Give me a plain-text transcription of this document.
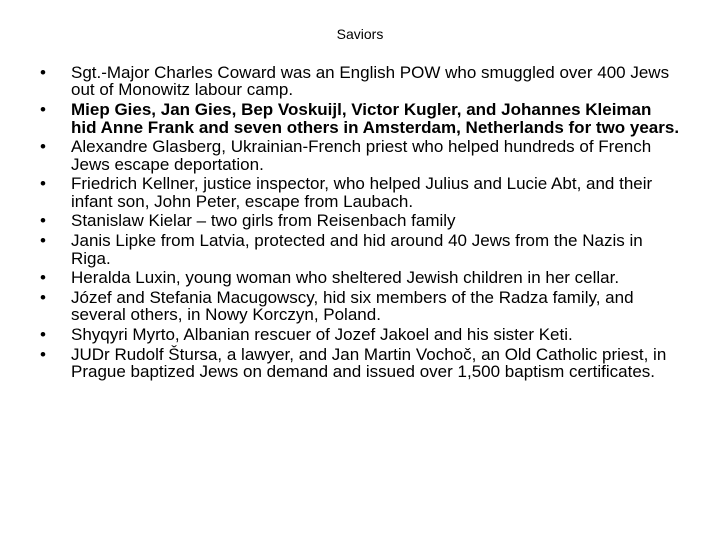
Saviors
•	Sgt.-Major Charles Coward was an English POW who smuggled over 400 Jews out of Monowitz labour camp.
•	Miep Gies, Jan Gies, Bep Voskuijl, Victor Kugler, and Johannes Kleiman hid Anne Frank and seven others in Amsterdam, Netherlands for two years.
•	Alexandre Glasberg, Ukrainian-French priest who helped hundreds of French Jews escape deportation.
•	Friedrich Kellner, justice inspector, who helped Julius and Lucie Abt, and their infant son, John Peter, escape from Laubach.
•	Stanislaw Kielar – two girls from Reisenbach family
•	Janis Lipke from Latvia, protected and hid around 40 Jews from the Nazis in Riga.
•	Heralda Luxin, young woman who sheltered Jewish children in her cellar.
•	Józef and Stefania Macugowscy, hid six members of the Radza family, and several others, in Nowy Korczyn, Poland.
•	Shyqyri Myrto, Albanian rescuer of Jozef Jakoel and his sister Keti.
•	JUDr Rudolf Štursa, a lawyer, and Jan Martin Vochoč, an Old Catholic priest, in Prague baptized Jews on demand and issued over 1,500 baptism certificates.
